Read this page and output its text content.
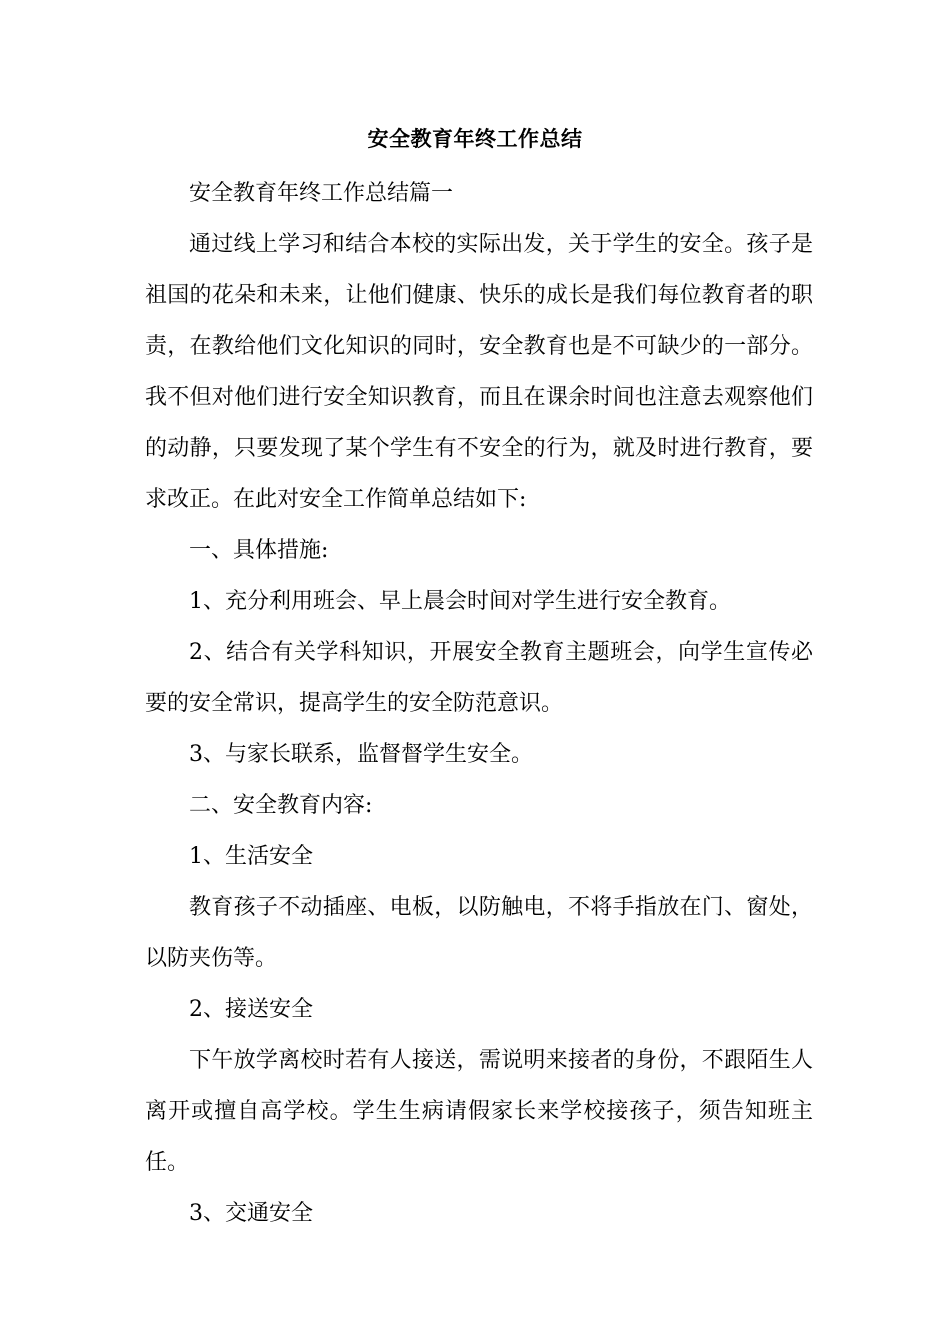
安全教育年终工作总结

安全教育年终工作总结篇一

通过线上学习和结合本校的实际出发，关于学生的安全。孩子是祖国的花朵和未来，让他们健康、快乐的成长是我们每位教育者的职责，在教给他们文化知识的同时，安全教育也是不可缺少的一部分。我不但对他们进行安全知识教育，而且在课余时间也注意去观察他们的动静，只要发现了某个学生有不安全的行为，就及时进行教育，要求改正。在此对安全工作简单总结如下:

一、具体措施:

1、充分利用班会、早上晨会时间对学生进行安全教育。

2、结合有关学科知识，开展安全教育主题班会，向学生宣传必要的安全常识，提高学生的安全防范意识。

3、与家长联系，监督督学生安全。

二、安全教育内容:

1、生活安全

教育孩子不动插座、电板，以防触电，不将手指放在门、窗处，以防夹伤等。

2、接送安全

下午放学离校时若有人接送，需说明来接者的身份，不跟陌生人离开或擅自高学校。学生生病请假家长来学校接孩子，须告知班主任。

3、交通安全
